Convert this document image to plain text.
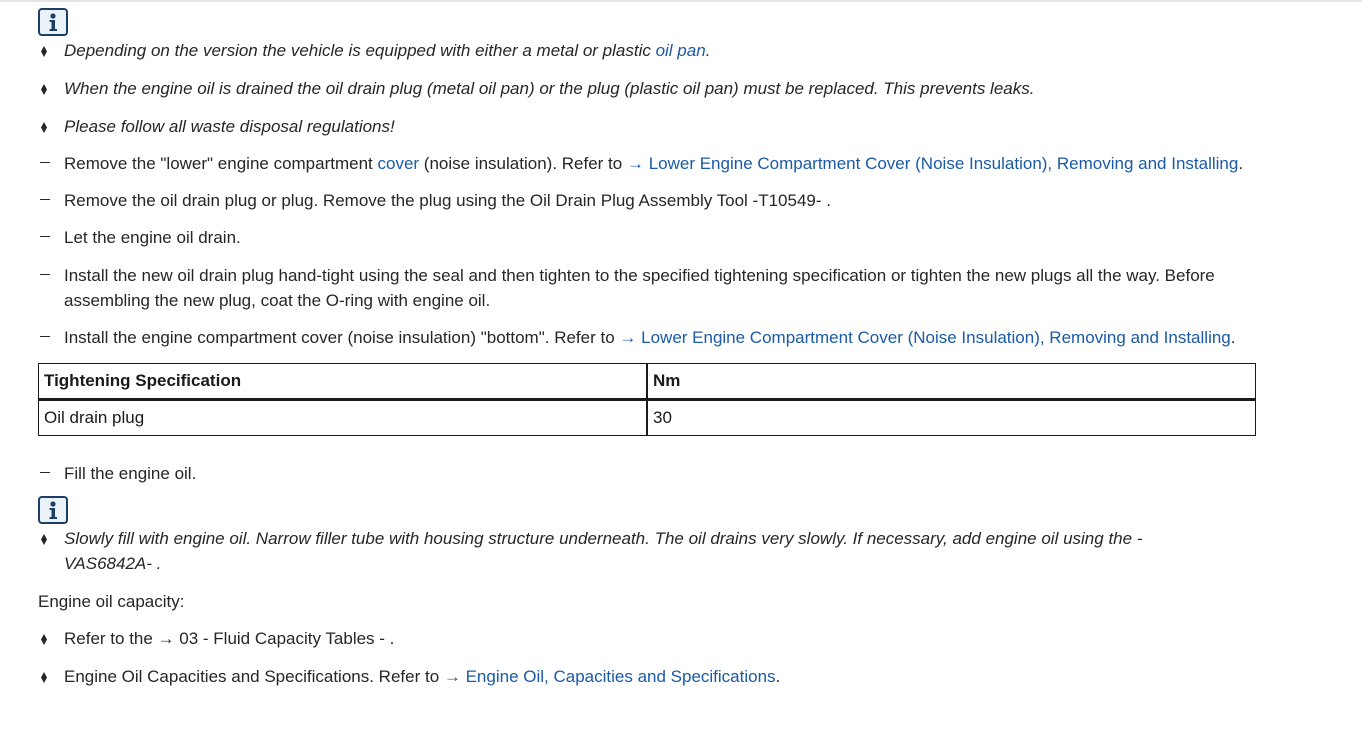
Depending on the version the vehicle is equipped with either a metal or plastic oil pan.
When the engine oil is drained the oil drain plug (metal oil pan) or the plug (plastic oil pan) must be replaced. This prevents leaks.
Please follow all waste disposal regulations!
Remove the "lower" engine compartment cover (noise insulation). Refer to → Lower Engine Compartment Cover (Noise Insulation), Removing and Installing.
Remove the oil drain plug or plug. Remove the plug using the Oil Drain Plug Assembly Tool -T10549- .
Let the engine oil drain.
Install the new oil drain plug hand-tight using the seal and then tighten to the specified tightening specification or tighten the new plugs all the way. Before assembling the new plug, coat the O-ring with engine oil.
Install the engine compartment cover (noise insulation) "bottom". Refer to → Lower Engine Compartment Cover (Noise Insulation), Removing and Installing.
Tightening Specification	Nm
Oil drain plug	30
Fill the engine oil.
Slowly fill with engine oil. Narrow filler tube with housing structure underneath. The oil drains very slowly. If necessary, add engine oil using the -VAS6842A- .
Engine oil capacity:
Refer to the → 03 - Fluid Capacity Tables - .
Engine Oil Capacities and Specifications. Refer to → Engine Oil, Capacities and Specifications.
